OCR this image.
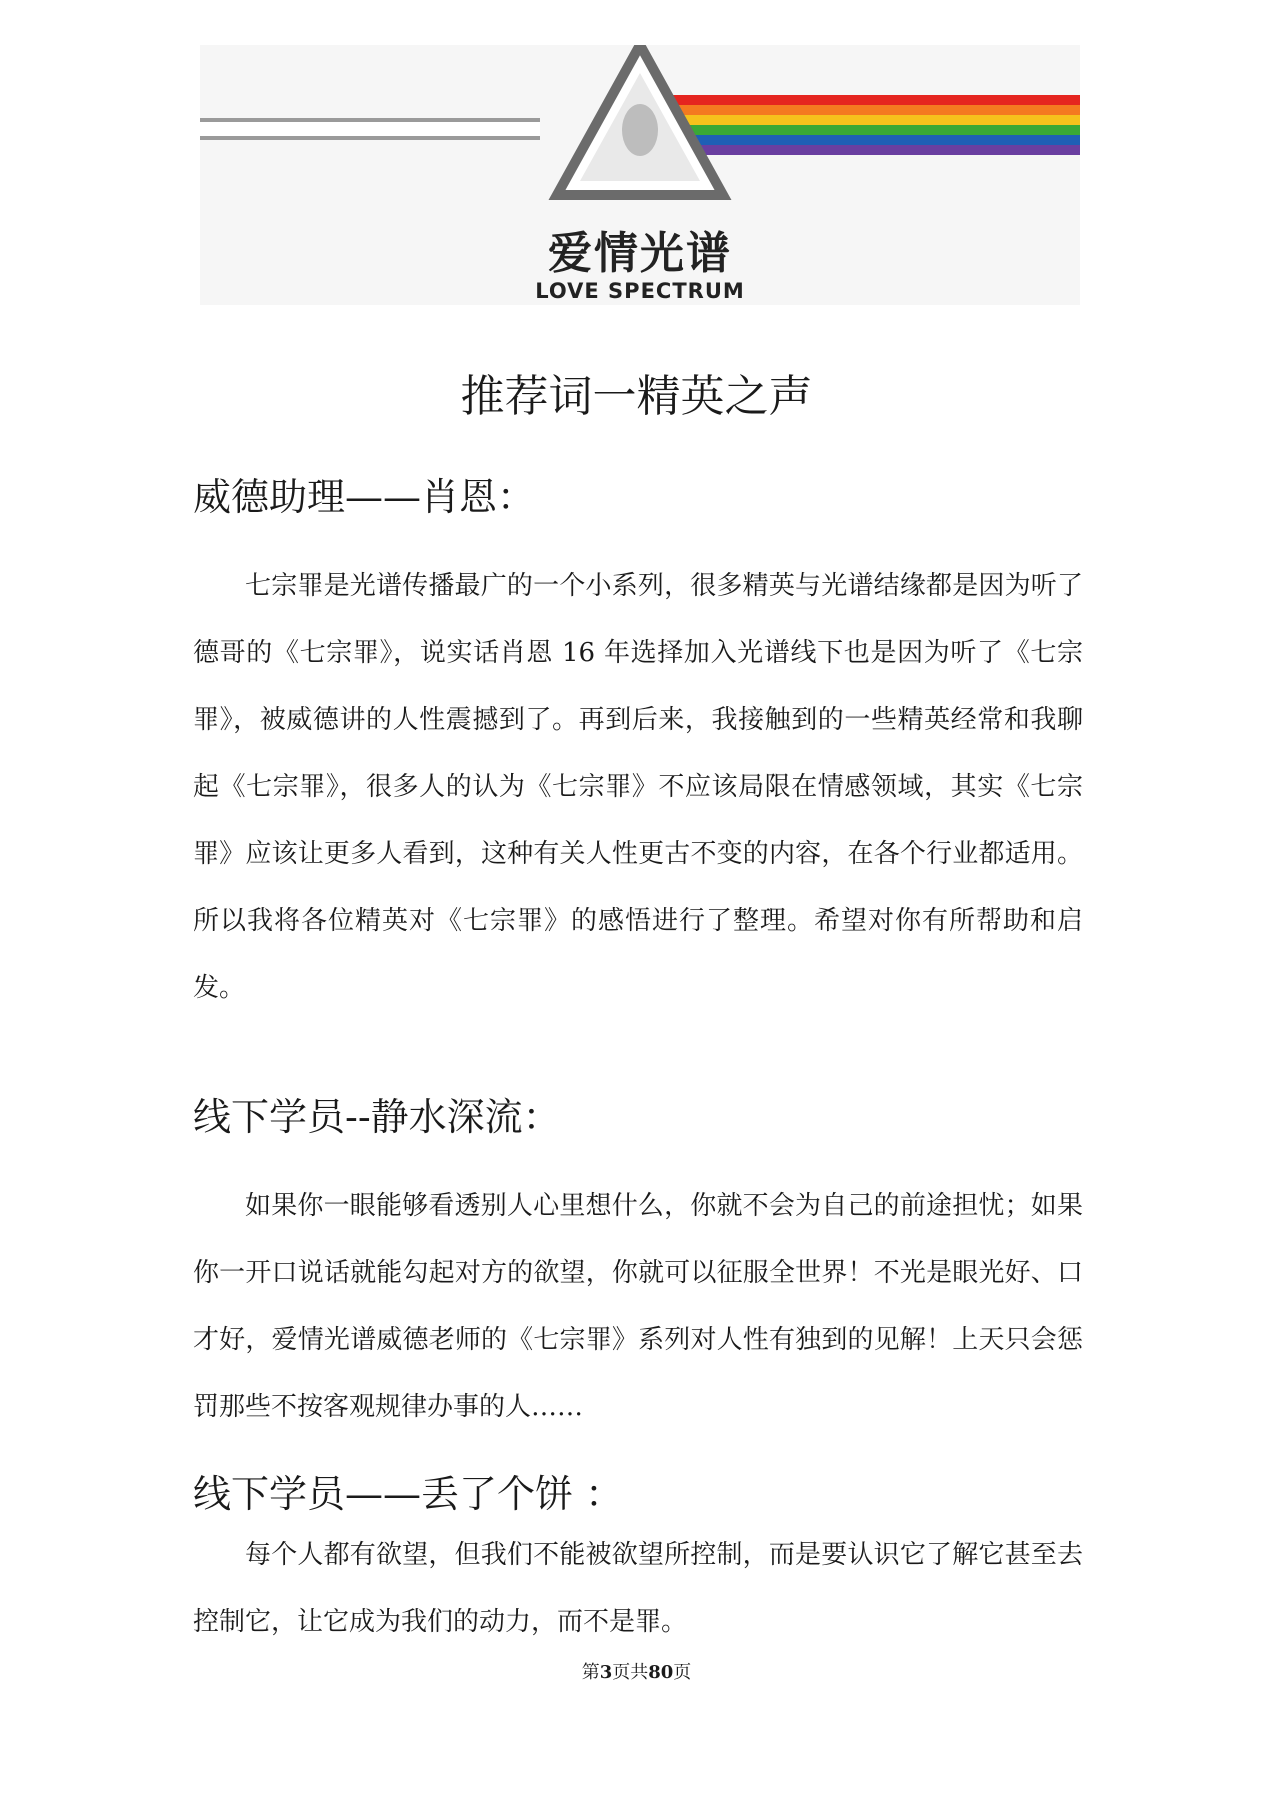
爱情光谱
LOVE SPECTRUM
推荐词一精英之声
威德助理——肖恩：

七宗罪是光谱传播最广的一个小系列，很多精英与光谱结缘都是因为听了德哥的《七宗罪》，说实话肖恩 16 年选择加入光谱线下也是因为听了《七宗罪》，被威德讲的人性震撼到了。再到后来，我接触到的一些精英经常和我聊起《七宗罪》，很多人的认为《七宗罪》不应该局限在情感领域，其实《七宗罪》应该让更多人看到，这种有关人性更古不变的内容，在各个行业都适用。所以我将各位精英对《七宗罪》的感悟进行了整理。希望对你有所帮助和启发。

线下学员--静水深流：

如果你一眼能够看透别人心里想什么，你就不会为自己的前途担忧；如果你一开口说话就能勾起对方的欲望，你就可以征服全世界！不光是眼光好、口才好，爱情光谱威德老师的《七宗罪》系列对人性有独到的见解！上天只会惩罚那些不按客观规律办事的人……

线下学员——丢了个饼 ：

每个人都有欲望，但我们不能被欲望所控制，而是要认识它了解它甚至去控制它，让它成为我们的动力，而不是罪。

第3页共80页
